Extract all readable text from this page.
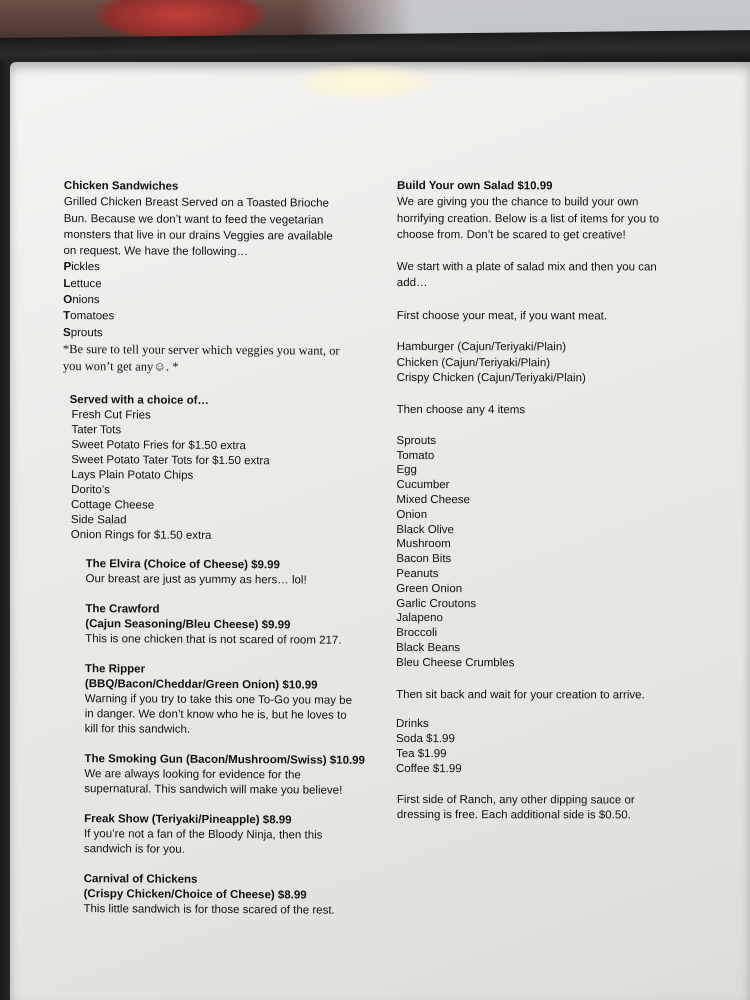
Chicken Sandwiches
Grilled Chicken Breast Served on a Toasted Brioche
Bun. Because we don’t want to feed the vegetarian
monsters that live in our drains Veggies are available
on request. We have the following…
Pickles
Lettuce
Onions
Tomatoes
Sprouts
*Be sure to tell your server which veggies you want, or
you won’t get any☺. *
Served with a choice of…
Fresh Cut Fries
Tater Tots
Sweet Potato Fries for $1.50 extra
Sweet Potato Tater Tots for $1.50 extra
Lays Plain Potato Chips
Dorito’s
Cottage Cheese
Side Salad
Onion Rings for $1.50 extra
The Elvira (Choice of Cheese) $9.99
Our breast are just as yummy as hers… lol!
The Crawford
(Cajun Seasoning/Bleu Cheese) $9.99
This is one chicken that is not scared of room 217.
The Ripper
(BBQ/Bacon/Cheddar/Green Onion) $10.99
Warning if you try to take this one To-Go you may be
in danger. We don’t know who he is, but he loves to
kill for this sandwich.
The Smoking Gun (Bacon/Mushroom/Swiss) $10.99
We are always looking for evidence for the
supernatural. This sandwich will make you believe!
Freak Show (Teriyaki/Pineapple) $8.99
If you’re not a fan of the Bloody Ninja, then this
sandwich is for you.
Carnival of Chickens
(Crispy Chicken/Choice of Cheese) $8.99
This little sandwich is for those scared of the rest.
Build Your own Salad $10.99
We are giving you the chance to build your own
horrifying creation. Below is a list of items for you to
choose from. Don’t be scared to get creative!
We start with a plate of salad mix and then you can
add…
First choose your meat, if you want meat.
Hamburger (Cajun/Teriyaki/Plain)
Chicken (Cajun/Teriyaki/Plain)
Crispy Chicken (Cajun/Teriyaki/Plain)
Then choose any 4 items
Sprouts
Tomato
Egg
Cucumber
Mixed Cheese
Onion
Black Olive
Mushroom
Bacon Bits
Peanuts
Green Onion
Garlic Croutons
Jalapeno
Broccoli
Black Beans
Bleu Cheese Crumbles
Then sit back and wait for your creation to arrive.
Drinks
Soda $1.99
Tea $1.99
Coffee $1.99
First side of Ranch, any other dipping sauce or
dressing is free. Each additional side is $0.50.
